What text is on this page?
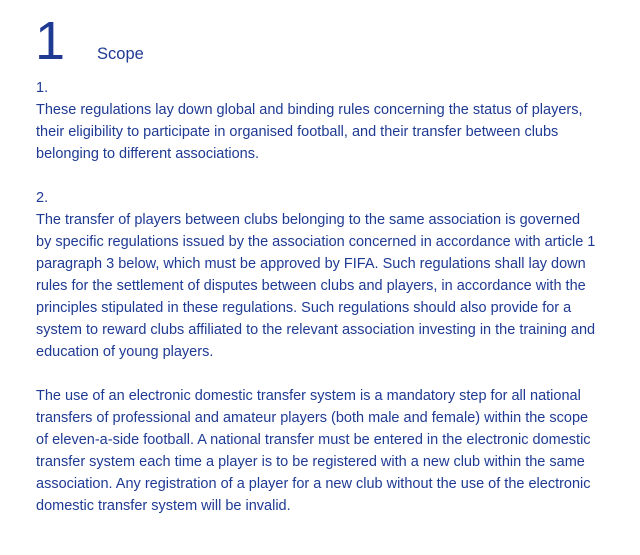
1 Scope
1.

These regulations lay down global and binding rules concerning the status of players,
their eligibility to participate in organised football, and their transfer between clubs
belonging to different associations.

2.

The transfer of players between clubs belonging to the same association is governed
by specific regulations issued by the association concerned in accordance with article 1
paragraph 3 below, which must be approved by FIFA. Such regulations shall lay down
rules for the settlement of disputes between clubs and players, in accordance with the
principles stipulated in these regulations. Such regulations should also provide for a
system to reward clubs affiliated to the relevant association investing in the training and
education of young players.

The use of an electronic domestic transfer system is a mandatory step for all national
transfers of professional and amateur players (both male and female) within the scope
of eleven-a-side football. A national transfer must be entered in the electronic domestic
transfer system each time a player is to be registered with a new club within the same
association. Any registration of a player for a new club without the use of the electronic
domestic transfer system will be invalid.
